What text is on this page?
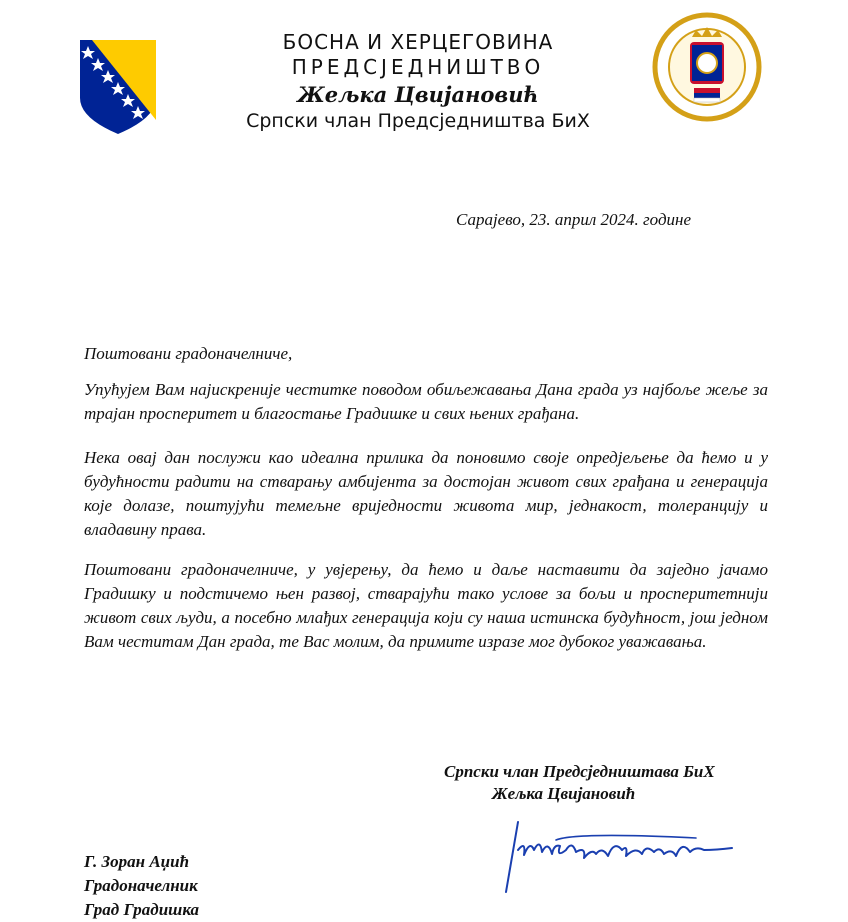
БОСНА И ХЕРЦЕГОВИНА
ПРЕДСЈЕДНИШТВО
Жељка Цвијановић
Српски члан Предсједништва БиХ
Сарајево, 23. април 2024. године
Поштовани градоначелниче,
Упућујем Вам најискреније честитке поводом обиљежавања Дана града уз најбоље жеље за трајан просперитет и благостање Градишке и свих њених грађана.
Нека овај дан послужи као идеална прилика да поновимо своје опредјељење да ћемо и у будућности радити на стварању амбијента за достојан живот свих грађана и генерација које долазе, поштујући темељне вриједности живота мир, једнакост, толеранцију и владавину права.
Поштовани градоначелниче, у увјерењу, да ћемо и даље наставити да заједно јачамо Градишку и подстичемо њен развој, стварајући тако услове за бољи и просперитетнији живот свих људи, а посебно млађих генерација који су наша истинска будућност, још једном Вам честитам Дан града, те Вас молим, да примите изразе мог дубоког уважавања.
Српски члан Предсједништава БиХ
Жељка Цвијановић
Г. Зоран Аџић
Градоначелник
Град Градишка
